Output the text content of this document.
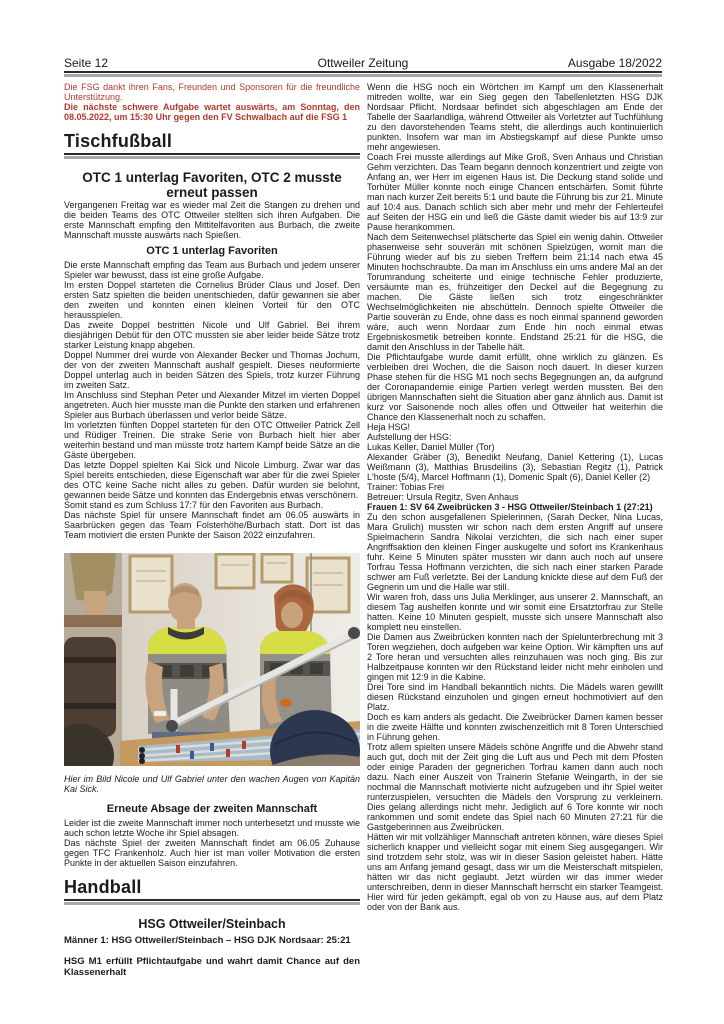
Seite 12	Ottweiler Zeitung	Ausgabe 18/2022

Die FSG dankt ihren Fans, Freunden und Sponsoren für die freundliche Unterstützung.

Die nächste schwere Aufgabe wartet auswärts, am Sonntag, den 08.05.2022, um 15:30 Uhr gegen den FV Schwalbach auf die FSG 1

Tischfußball
OTC 1 unterlag Favoriten, OTC 2 musste erneut passen

Vergangenen Freitag war es wieder mal Zeit die Stangen zu drehen und die beiden Teams des OTC Ottweiler stellten sich ihren Aufgaben. Die erste Mannschaft empfing den Mittitelfavoriten aus Burbach, die zweite Mannschaft musste auswärts nach Spießen.

OTC 1 unterlag Favoriten

Die erste Mannschaft empfing das Team aus Burbach und jedem unserer Spieler war bewusst, dass ist eine große Aufgabe.

Im ersten Doppel starteten die Cornelius Brüder Claus und Josef. Den ersten Satz spielten die beiden unentschieden, dafür gewannen sie aber den zweiten und konnten einen kleinen Vorteil für den OTC herausspielen.

Das zweite Doppel bestritten Nicole und Ulf Gabriel. Bei ihrem diesjährigen Debüt für den OTC mussten sie aber leider beide Sätze trotz starker Leistung knapp abgeben.

Doppel Nummer drei wurde von Alexander Becker und Thomas Jochum, der von der zweiten Mannschaft aushalf gespielt. Dieses neuformierte Doppel unterlag auch in beiden Sätzen des Spiels, trotz kurzer Führung im zweiten Satz.

Im Anschluss sind Stephan Peter und Alexander Mitzel im vierten Doppel angetreten. Auch hier musste man die Punkte den starken und erfahrenen Spieler aus Burbach überlassen und verlor beide Sätze.

Im vorletzten fünften Doppel starteten für den OTC Ottweiler Patrick Zell und Rüdiger Treinen. Die strake Serie von Burbach hielt hier aber weiterhin bestand und man müsste trotz hartem Kampf beide Sätze an die Gäste übergeben.

Das letzte Doppel spielten Kai Sick und Nicole Limburg. Zwar war das Spiel bereits entschieden, diese Eigenschaft war aber für die zwei Spieler des OTC keine Sache nicht alles zu geben. Dafür wurden sie belohnt, gewannen beide Sätze und konnten das Endergebnis etwas verschönern.

Somit stand es zum Schluss 17:7 für den Favoriten aus Burbach.

Das nächste Spiel für unsere Mannschaft findet am 06.05 auswärts in Saarbrücken gegen das Team Folsterhöhe/Burbach statt. Dort ist das Team motiviert die ersten Punkte der Saison 2022 einzufahren.

Hier im Bild Nicole und Ulf Gabriel unter den wachen Augen von Kapitän Kai Sick.

Erneute Absage der zweiten Mannschaft

Leider ist die zweite Mannschaft immer noch unterbesetzt und musste wie auch schon letzte Woche ihr Spiel absagen.

Das nächste Spiel der zweiten Mannschaft findet am 06.05 Zuhause gegen TFC Frankenholz. Auch hier ist man voller Motivation die ersten Punkte in der aktuellen Saison einzufahren.

Handball
HSG Ottweiler/Steinbach

Männer 1: HSG Ottweiler/Steinbach – HSG DJK Nordsaar: 25:21

HSG M1 erfüllt Pflichtaufgabe und wahrt damit Chance auf den Klassenerhalt

Wenn die HSG noch ein Wörtchen im Kampf um den Klassenerhalt mitreden wollte, war ein Sieg gegen den Tabellenletzten HSG DJK Nordsaar Pflicht. Nordsaar befindet sich abgeschlagen am Ende der Tabelle der Saarlandliga, während Ottweiler als Vorletzter auf Tuchfühlung zu den davorstehenden Teams steht, die allerdings auch kontinuierlich punkten. Insofern war man im Abstiegskampf auf diese Punkte umso mehr angewiesen.

Coach Frei musste allerdings auf Mike Groß, Sven Anhaus und Christian Gehm verzichten. Das Team begann dennoch konzentriert und zeigte von Anfang an, wer Herr im eigenen Haus ist. Die Deckung stand solide und Torhüter Müller konnte noch einige Chancen entschärfen. Somit führte man nach kurzer Zeit bereits 5:1 und baute die Führung bis zur 21. Minute auf 10:4 aus. Danach schlich sich aber mehr und mehr der Fehlerteufel auf Seiten der HSG ein und ließ die Gäste damit wieder bis auf 13:9 zur Pause herankommen.

Nach dem Seitenwechsel plätscherte das Spiel ein wenig dahin. Ottweiler phasenweise sehr souverän mit schönen Spielzügen, womit man die Führung wieder auf bis zu sieben Treffern beim 21:14 nach etwa 45 Minuten hochschraubte. Da man im Anschluss ein ums andere Mal an der Torumrandung scheiterte und einige technische Fehler produzierte, versäumte man es, frühzeitiger den Deckel auf die Begegnung zu machen. Die Gäste ließen sich trotz eingeschränkter Wechselmöglichkeiten nie abschütteln. Dennoch spielte Ottweiler die Partie souverän zu Ende, ohne dass es noch einmal spannend geworden wäre, auch wenn Nordaar zum Ende hin noch einmal etwas Ergebniskosmetik betreiben konnte. Endstand 25:21 für die HSG, die damit den Anschluss in der Tabelle hält.

Die Pflichtaufgabe wurde damit erfüllt, ohne wirklich zu glänzen. Es verbleiben drei Wochen, die die Saison noch dauert. In dieser kurzen Phase stehen für die HSG M1 noch sechs Begegnungen an, da aufgrund der Coronapandemie einige Partien verlegt werden mussten. Bei den übrigen Mannschaften sieht die Situation aber ganz ähnlich aus. Damit ist kurz vor Saisonende noch alles offen und Ottweiler hat weiterhin die Chance den Klassenerhalt noch zu schaffen.

Heja HSG!

Aufstellung der HSG:

Lukas Keller, Daniel Müller (Tor)

Alexander Gräber (3), Benedikt Neufang, Daniel Kettering (1), Lucas Weißmann (3), Matthias Brusdeilins (3), Sebastian Regitz (1), Patrick L'hoste (5/4), Marcel Hoffmann (1), Domenic Spalt (6), Daniel Keller (2)

Trainer: Tobias Frei

Betreuer: Ursula Regitz, Sven Anhaus

Frauen 1: SV 64 Zweibrücken 3 - HSG Ottweiler/Steinbach 1 (27:21)

Zu den schon ausgefallenen Spielerinnen, (Sarah Decker, Nina Lucas, Mara Grulich) mussten wir schon nach dem ersten Angriff auf unsere Spielmacherin Sandra Nikolai verzichten, die sich nach einer super Angriffsaktion den kleinen Finger auskugelte und sofort ins Krankenhaus fuhr. Keine 5 Minuten später mussten wir dann auch noch auf unsere Torfrau Tessa Hoffmann verzichten, die sich nach einer starken Parade schwer am Fuß verletzte. Bei der Landung knickte diese auf dem Fuß der Gegnerin um und die Halle war still.

Wir waren froh, dass uns Julia Merklinger, aus unserer 2. Mannschaft, an diesem Tag aushelfen konnte und wir somit eine Ersatztorfrau zur Stelle hatten. Keine 10 Minuten gespielt, musste sich unsere Mannschaft also komplett neu einstellen.

Die Damen aus Zweibrücken konnten nach der Spielunterbrechung mit 3 Toren wegziehen, doch aufgeben war keine Option. Wir kämpften uns auf 2 Tore heran und versuchten alles reinzuhauen was noch ging. Bis zur Halbzeitpause konnten wir den Rückstand leider nicht mehr einholen und gingen mit 12:9 in die Kabine.

Drei Tore sind im Handball bekanntlich nichts. Die Mädels waren gewillt diesen Rückstand einzuholen und gingen erneut hochmotiviert auf den Platz.

Doch es kam anders als gedacht. Die Zweibrücker Damen kamen besser in die zweite Hälfte und konnten zwischenzeitlich mit 8 Toren Unterschied in Führung gehen.

Trotz allem spielten unsere Mädels schöne Angriffe und die Abwehr stand auch gut, doch mit der Zeit ging die Luft aus und Pech mit dem Pfosten oder einige Paraden der gegnerichen Torfrau kamen dann auch noch dazu. Nach einer Auszeit von Trainerin Stefanie Weingarth, in der sie nochmal die Mannschaft motivierte nicht aufzugeben und ihr Spiel weiter runterzuspielen, versuchten die Mädels den Vorsprung zu verkleinern. Dies gelang allerdings nicht mehr. Jediglich auf 6 Tore konnte wir noch rankommen und somit endete das Spiel nach 60 Minuten 27:21 für die Gastgeberinnen aus Zweibrücken.

Hätten wir mit vollzähliger Mannschaft antreten können, wäre dieses Spiel sicherlich knapper und vielleicht sogar mit einem Sieg ausgegangen. Wir sind trotzdem sehr stolz, was wir in dieser Sasion geleistet haben. Hätte uns am Anfang jemand gesagt, dass wir um die Meisterschaft mitspielen, hätten wir das nicht geglaubt. Jetzt würden wir das immer wieder unterschreiben, denn in dieser Mannschaft herrscht ein starker Teamgeist. Hier wird für jeden gekämpft, egal ob von zu Hause aus, auf dem Platz oder von der Bank aus.
